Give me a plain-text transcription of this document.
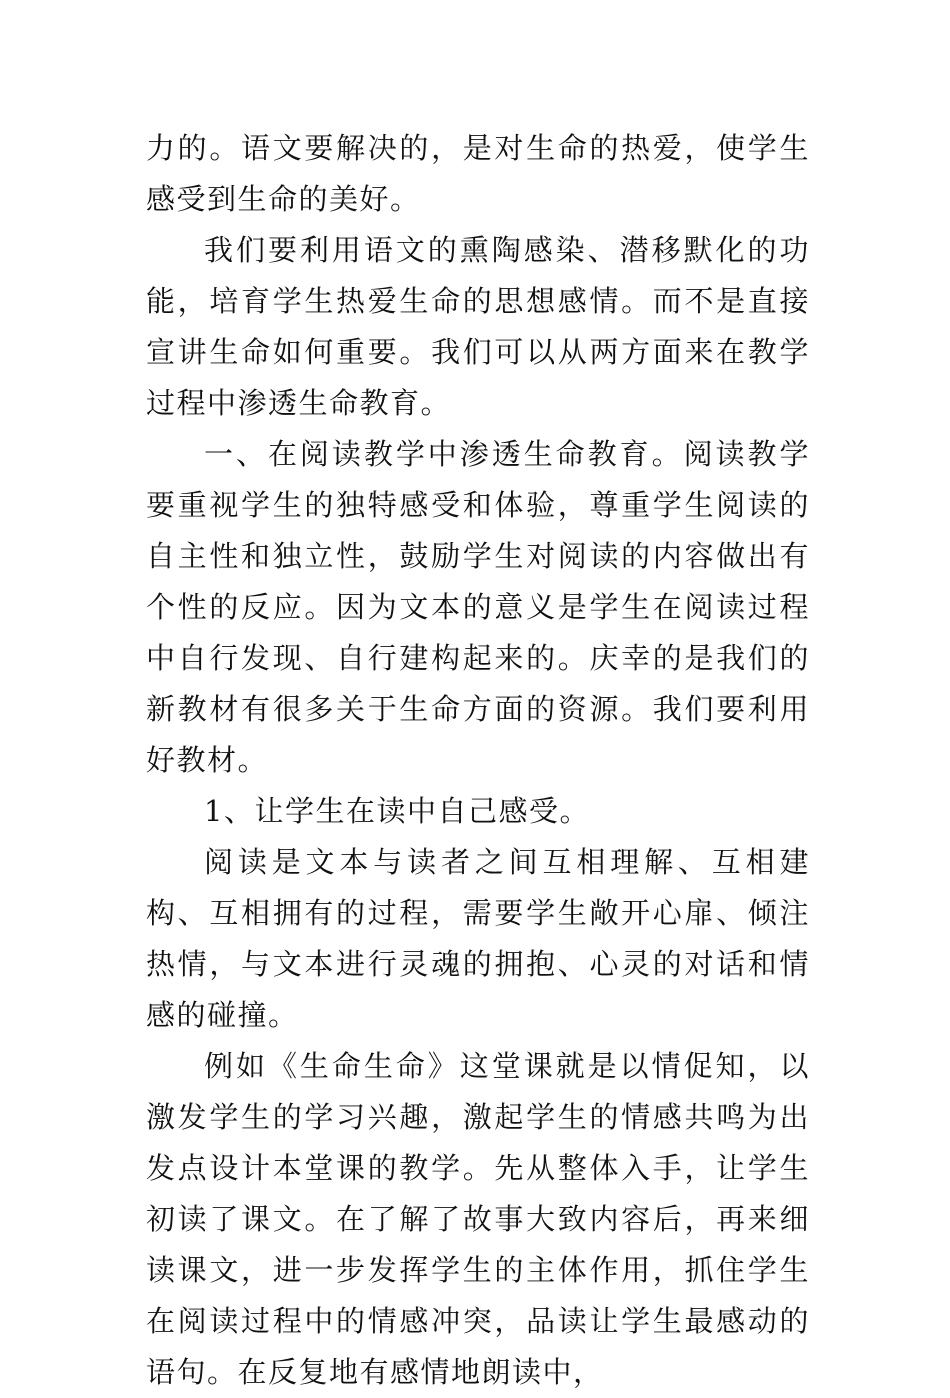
力的。语文要解决的，是对生命的热爱，使学生感受到生命的美好。

我们要利用语文的熏陶感染、潜移默化的功能，培育学生热爱生命的思想感情。而不是直接宣讲生命如何重要。我们可以从两方面来在教学过程中渗透生命教育。

一、在阅读教学中渗透生命教育。阅读教学要重视学生的独特感受和体验，尊重学生阅读的自主性和独立性，鼓励学生对阅读的内容做出有个性的反应。因为文本的意义是学生在阅读过程中自行发现、自行建构起来的。庆幸的是我们的新教材有很多关于生命方面的资源。我们要利用好教材。

1、让学生在读中自己感受。

阅读是文本与读者之间互相理解、互相建构、互相拥有的过程，需要学生敞开心扉、倾注热情，与文本进行灵魂的拥抱、心灵的对话和情感的碰撞。

例如《生命生命》这堂课就是以情促知，以激发学生的学习兴趣，激起学生的情感共鸣为出发点设计本堂课的教学。先从整体入手，让学生初读了课文。在了解了故事大致内容后，再来细读课文，进一步发挥学生的主体作用，抓住学生在阅读过程中的情感冲突，品读让学生最感动的语句。在反复地有感情地朗读中，
